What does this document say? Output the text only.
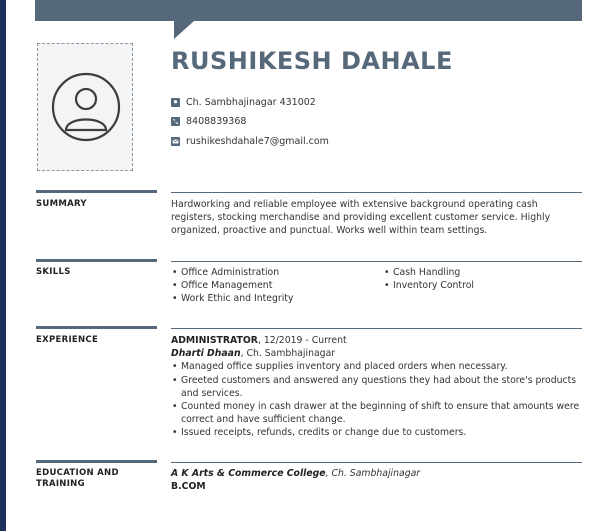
RUSHIKESH DAHALE
Ch. Sambhajinagar 431002
8408839368
rushikeshdahale7@gmail.com
SUMMARY	Hardworking and reliable employee with extensive background operating cash registers, stocking merchandise and providing excellent customer service. Highly organized, proactive and punctual. Works well within team settings.
SKILLS
•	Office Administration
• Office Management
• Work Ethic and Integrity
• Cash Handling
• Inventory Control
EXPERIENCE	ADMINISTRATOR, 12/2019 - Current
Dharti Dhaan, Ch. Sambhajinagar
• Managed office supplies inventory and placed orders when necessary.
• Greeted customers and answered any questions they had about the store's products and services.
• Counted money in cash drawer at the beginning of shift to ensure that amounts were correct and have sufficient change.
• Issued receipts, refunds, credits or change due to customers.
EDUCATION AND
TRAINING
A K Arts & Commerce College, Ch. Sambhajinagar
B.COM
